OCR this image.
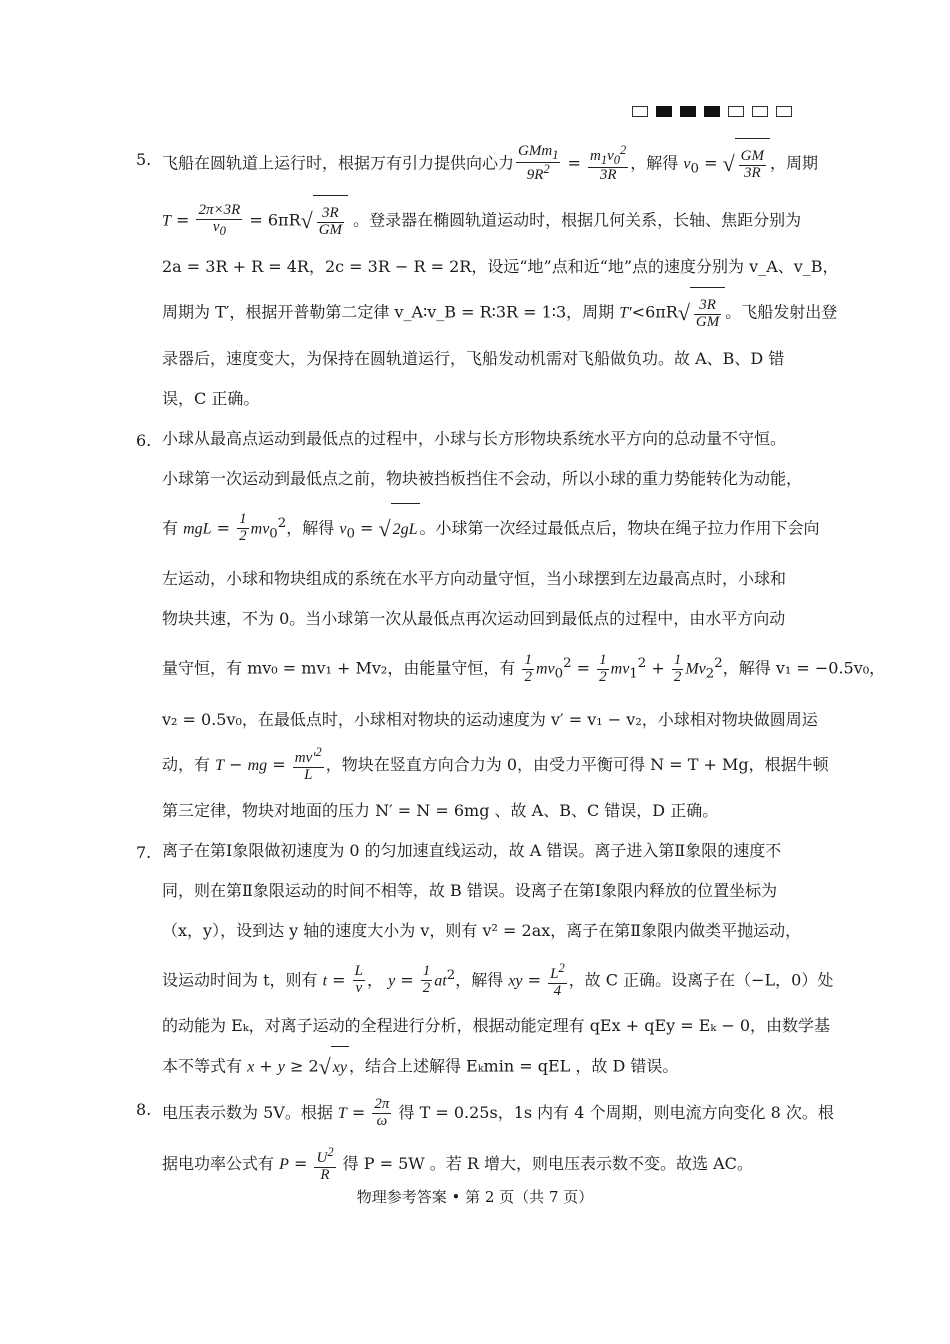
5. 飞船在圆轨道上运行时，根据万有引力提供向心力 $\frac{GMm_1}{9R^2} = \frac{m_1v_0^2}{3R}$ ，解得 $v_0$ = √ $\frac{GM}{3R}$ ，周期
$T = \frac{2\pi\times 3R}{v_0} = 6\pi R√ \frac{3R}{GM}$ 。登录器在椭圆轨道运动时，根据几何关系，长轴、焦距分别为
2a = 3R + R = 4R，2c = 3R − R = 2R，设远“地”点和近“地”点的速度分别为 v_A、v_B，
周期为 T′，根据开普勒第二定律 v_A∶v_B = R∶3R = 1∶3，周期 $T'<6\pi R√ \frac{3R}{GM}$ 。飞船发射出登
录器后，速度变大，为保持在圆轨道运行，飞船发动机需对飞船做负功。故 A、B、D 错
误，C 正确。
6. 小球从最高点运动到最低点的过程中，小球与长方形物块系统水平方向的总动量不守恒。
小球第一次运动到最低点之前，物块被挡板挡住不会动，所以小球的重力势能转化为动能，
有 mgL = $\frac{1}{2} mv_0^2$，解得 $v_0$ = √ 2gL 。小球第一次经过最低点后，物块在绳子拉力作用下会向
左运动，小球和物块组成的系统在水平方向动量守恒，当小球摆到左边最高点时，小球和
物块共速，不为 0。当小球第一次从最低点再次运动回到最低点的过程中，由水平方向动
量守恒，有 mv₀ = mv₁ + Mv₂，由能量守恒，有 $\frac{1}{2} mv_0^2 = \frac{1}{2} mv_1^2 + \frac{1}{2} Mv_2^2$，解得 v₁ = −0.5v₀，
v₂ = 0.5v₀，在最低点时，小球相对物块的运动速度为 v′ = v₁ − v₂，小球相对物块做圆周运
动，有 T − mg = $\frac{mv'^2}{L}$ ，物块在竖直方向合力为 0，由受力平衡可得 N = T + Mg，根据牛顿
第三定律，物块对地面的压力 N′ = N = 6mg 、故 A、B、C 错误，D 正确。
7. 离子在第Ⅰ象限做初速度为 0 的匀加速直线运动，故 A 错误。离子进入第Ⅱ象限的速度不
同，则在第Ⅱ象限运动的时间不相等，故 B 错误。设离子在第Ⅰ象限内释放的位置坐标为
（x，y），设到达 y 轴的速度大小为 v，则有 v² = 2ax，离子在第Ⅱ象限内做类平抛运动，
设运动时间为 t，则有 $t = \frac{L}{v}$ ， $y = \frac{1}{2} at^2$，解得 xy = $\frac{L^2}{4}$ ，故 C 正确。设离子在（−L，0）处
的动能为 Eₖ，对离子运动的全程进行分析，根据动能定理有 qEx + qEy = Eₖ − 0，由数学基
本不等式有 x + y ≥ 2√ xy ，结合上述解得 Eₖmin = qEL ，故 D 错误。
8. 电压表示数为 5V。根据 $T = \frac{2\pi}{\omega}$ 得 T = 0.25s，1s 内有 4 个周期，则电流方向变化 8 次。根
据电功率公式有 $P = \frac{U^2}{R}$ 得 P = 5W 。若 R 增大，则电压表示数不变。故选 AC。
物理参考答案 • 第 2 页（共 7 页）
